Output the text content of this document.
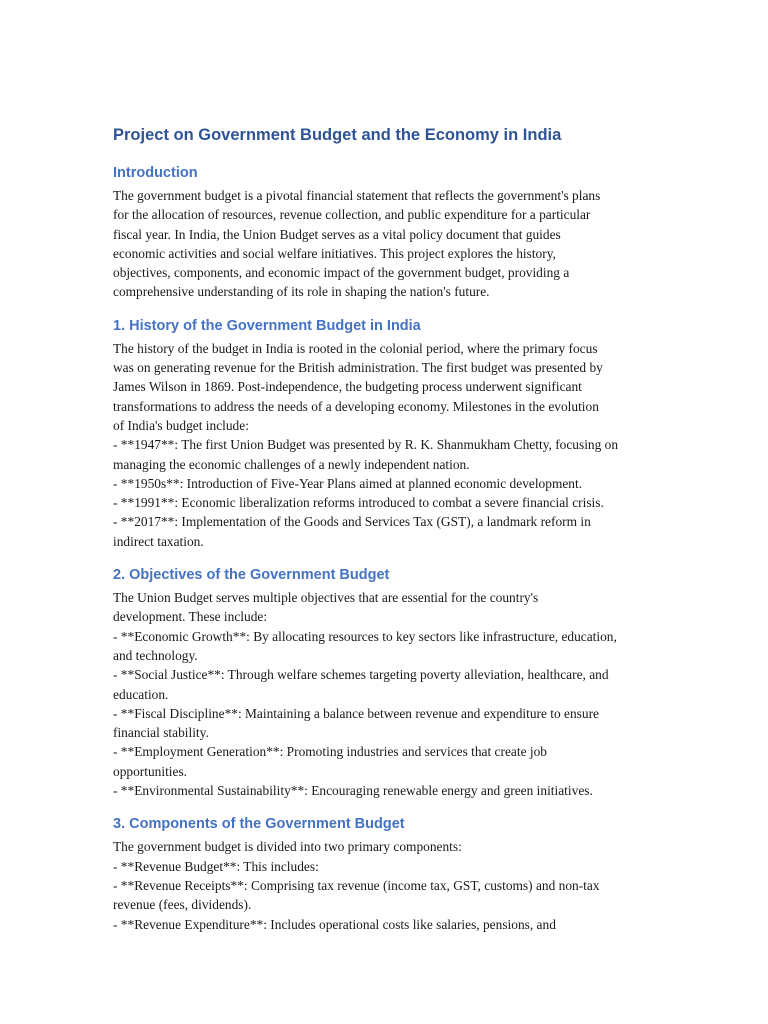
Project on Government Budget and the Economy in India
Introduction

The government budget is a pivotal financial statement that reflects the government's plans
for the allocation of resources, revenue collection, and public expenditure for a particular
fiscal year. In India, the Union Budget serves as a vital policy document that guides
economic activities and social welfare initiatives. This project explores the history,
objectives, components, and economic impact of the government budget, providing a
comprehensive understanding of its role in shaping the nation's future.

1. History of the Government Budget in India

The history of the budget in India is rooted in the colonial period, where the primary focus
was on generating revenue for the British administration. The first budget was presented by
James Wilson in 1869. Post-independence, the budgeting process underwent significant
transformations to address the needs of a developing economy. Milestones in the evolution
of India's budget include:
- **1947**: The first Union Budget was presented by R. K. Shanmukham Chetty, focusing on
managing the economic challenges of a newly independent nation.
- **1950s**: Introduction of Five-Year Plans aimed at planned economic development.
- **1991**: Economic liberalization reforms introduced to combat a severe financial crisis.
- **2017**: Implementation of the Goods and Services Tax (GST), a landmark reform in
indirect taxation.

2. Objectives of the Government Budget

The Union Budget serves multiple objectives that are essential for the country's
development. These include:
- **Economic Growth**: By allocating resources to key sectors like infrastructure, education,
and technology.
- **Social Justice**: Through welfare schemes targeting poverty alleviation, healthcare, and
education.
- **Fiscal Discipline**: Maintaining a balance between revenue and expenditure to ensure
financial stability.
- **Employment Generation**: Promoting industries and services that create job
opportunities.
- **Environmental Sustainability**: Encouraging renewable energy and green initiatives.

3. Components of the Government Budget

The government budget is divided into two primary components:
- **Revenue Budget**: This includes:
- **Revenue Receipts**: Comprising tax revenue (income tax, GST, customs) and non-tax
revenue (fees, dividends).
- **Revenue Expenditure**: Includes operational costs like salaries, pensions, and
